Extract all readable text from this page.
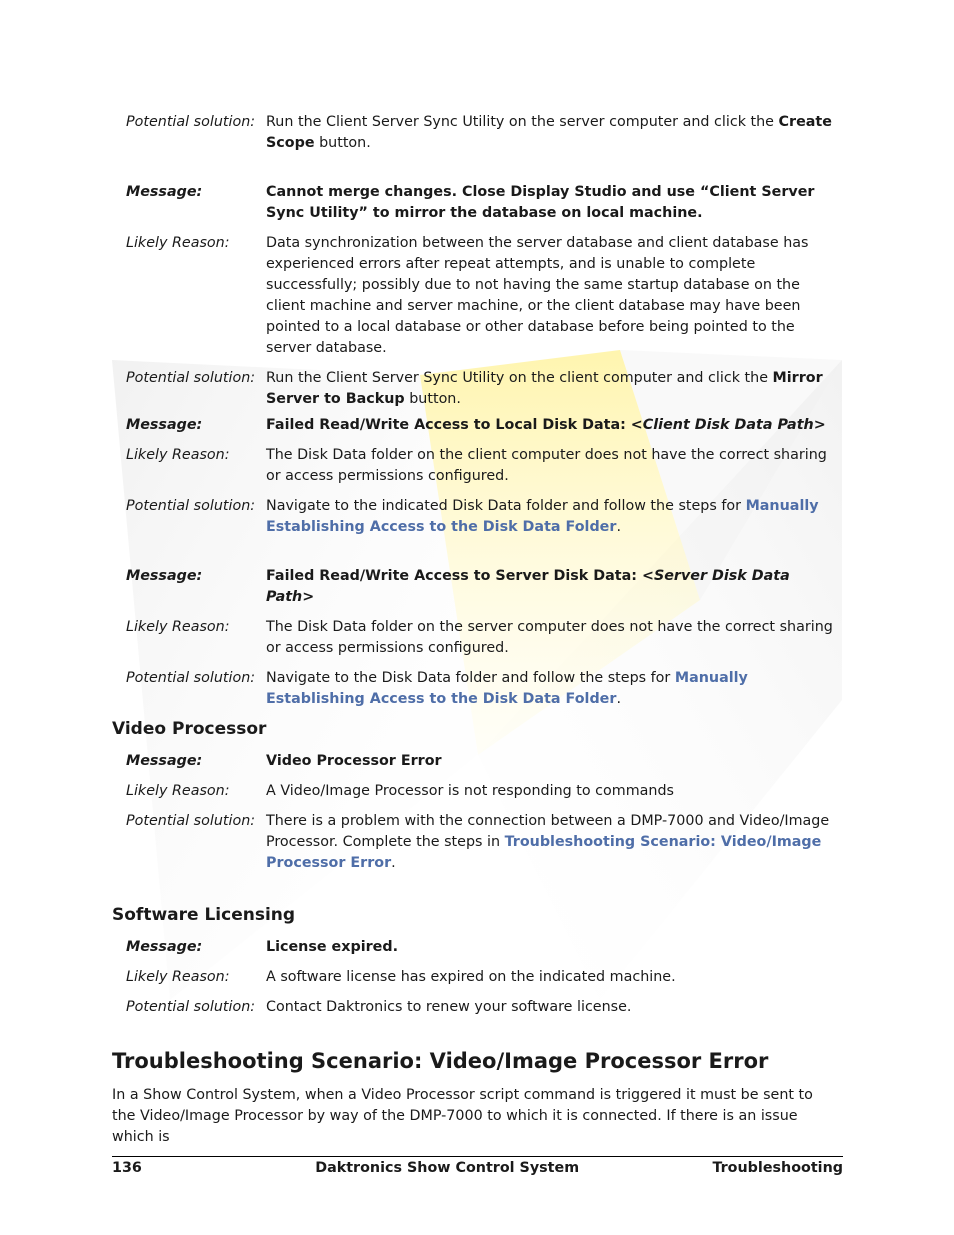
Potential solution: Run the Client Server Sync Utility on the server computer and click the Create Scope button.
Message:	Cannot merge changes. Close Display Studio and use “Client Server Sync Utility” to mirror the database on local machine.
Likely Reason:	Data synchronization between the server database and client database has experienced errors after repeat attempts, and is unable to complete successfully; possibly due to not having the same startup database on the client machine and server machine, or the client database may have been pointed to a local database or other database before being pointed to the server database.
Potential solution: Run the Client Server Sync Utility on the client computer and click the Mirror Server to Backup button.
Message:	Failed Read/Write Access to Local Disk Data: <Client Disk Data Path>
Likely Reason:	The Disk Data folder on the client computer does not have the correct sharing or access permissions configured.
Potential solution: Navigate to the indicated Disk Data folder and follow the steps for Manually Establishing Access to the Disk Data Folder.
Message:	Failed Read/Write Access to Server Disk Data: <Server Disk Data Path>
Likely Reason:	The Disk Data folder on the server computer does not have the correct sharing or access permissions configured.
Potential solution: Navigate to the Disk Data folder and follow the steps for Manually Establishing Access to the Disk Data Folder.
Video Processor
Message:	Video Processor Error
Likely Reason:	A Video/Image Processor is not responding to commands
Potential solution: There is a problem with the connection between a DMP-7000 and Video/Image Processor. Complete the steps in Troubleshooting Scenario: Video/Image Processor Error.
Software Licensing
Message:	License expired.
Likely Reason:	A software license has expired on the indicated machine.
Potential solution: Contact Daktronics to renew your software license.
Troubleshooting Scenario: Video/Image Processor Error

In a Show Control System, when a Video Processor script command is triggered it must be sent to the Video/Image Processor by way of the DMP-7000 to which it is connected. If there is an issue which is

136	Daktronics Show Control System	Troubleshooting
